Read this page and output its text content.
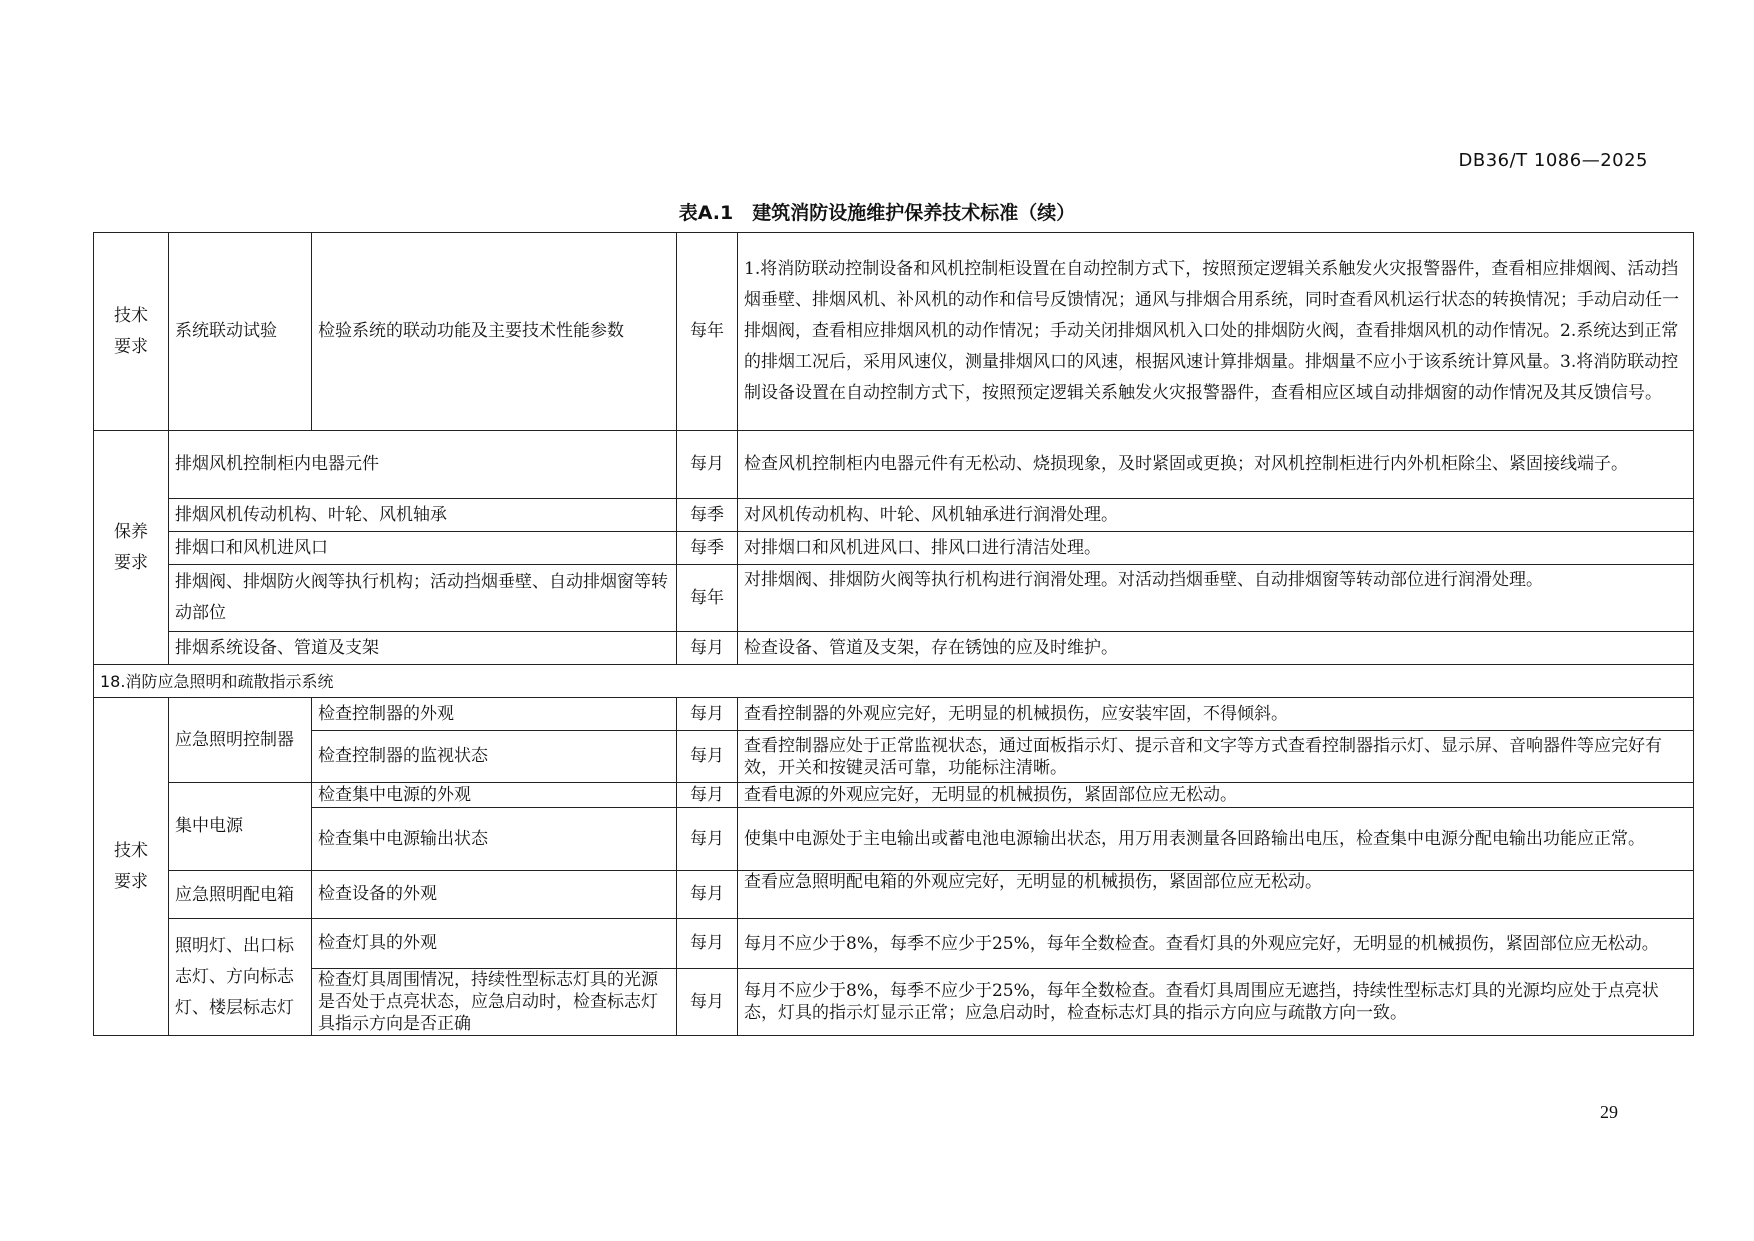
DB36/T 1086—2025
表A.1　建筑消防设施维护保养技术标准（续）
技术要求	系统联动试验	检验系统的联动功能及主要技术性能参数	每年	1.将消防联动控制设备和风机控制柜设置在自动控制方式下，按照预定逻辑关系触发火灾报警器件，查看相应排烟阀、活动挡烟垂壁、排烟风机、补风机的动作和信号反馈情况；通风与排烟合用系统，同时查看风机运行状态的转换情况；手动启动任一排烟阀，查看相应排烟风机的动作情况；手动关闭排烟风机入口处的排烟防火阀，查看排烟风机的动作情况。2.系统达到正常的排烟工况后，采用风速仪，测量排烟风口的风速，根据风速计算排烟量。排烟量不应小于该系统计算风量。3.将消防联动控制设备设置在自动控制方式下，按照预定逻辑关系触发火灾报警器件，查看相应区域自动排烟窗的动作情况及其反馈信号。
保养要求	排烟风机控制柜内电器元件		每月	检查风机控制柜内电器元件有无松动、烧损现象，及时紧固或更换；对风机控制柜进行内外机柜除尘、紧固接线端子。
	排烟风机传动机构、叶轮、风机轴承		每季	对风机传动机构、叶轮、风机轴承进行润滑处理。
	排烟口和风机进风口		每季	对排烟口和风机进风口、排风口进行清洁处理。
	排烟阀、排烟防火阀等执行机构；活动挡烟垂壁、自动排烟窗等转动部位		每年	对排烟阀、排烟防火阀等执行机构进行润滑处理。对活动挡烟垂壁、自动排烟窗等转动部位进行润滑处理。
	排烟系统设备、管道及支架		每月	检查设备、管道及支架，存在锈蚀的应及时维护。
18.消防应急照明和疏散指示系统				
技术要求	应急照明控制器	检查控制器的外观	每月	查看控制器的外观应完好，无明显的机械损伤，应安装牢固，不得倾斜。
		检查控制器的监视状态	每月	查看控制器应处于正常监视状态，通过面板指示灯、提示音和文字等方式查看控制器指示灯、显示屏、音响器件等应完好有效，开关和按键灵活可靠，功能标注清晰。
	集中电源	检查集中电源的外观	每月	查看电源的外观应完好，无明显的机械损伤，紧固部位应无松动。
		检查集中电源输出状态	每月	使集中电源处于主电输出或蓄电池电源输出状态，用万用表测量各回路输出电压，检查集中电源分配电输出功能应正常。
	应急照明配电箱	检查设备的外观	每月	查看应急照明配电箱的外观应完好，无明显的机械损伤，紧固部位应无松动。
	照明灯、出口标志灯、方向标志灯、楼层标志灯	检查灯具的外观	每月	每月不应少于8%，每季不应少于25%，每年全数检查。查看灯具的外观应完好，无明显的机械损伤，紧固部位应无松动。
		检查灯具周围情况，持续性型标志灯具的光源是否处于点亮状态，应急启动时，检查标志灯具指示方向是否正确	每月	每月不应少于8%，每季不应少于25%，每年全数检查。查看灯具周围应无遮挡，持续性型标志灯具的光源均应处于点亮状态，灯具的指示灯显示正常；应急启动时，检查标志灯具的指示方向应与疏散方向一致。
29
